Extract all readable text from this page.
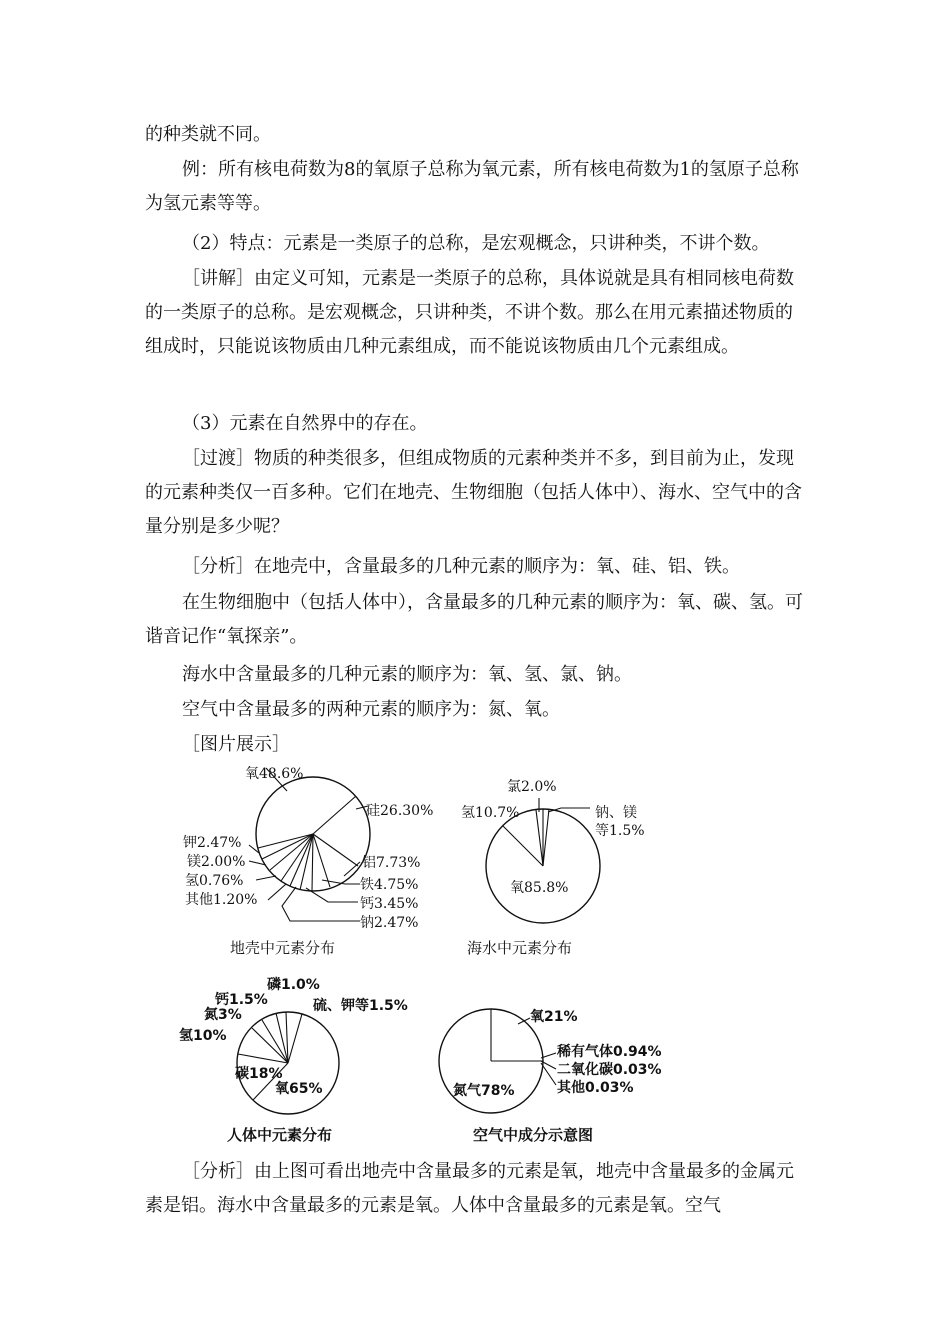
的种类就不同。

例：所有核电荷数为8的氧原子总称为氧元素，所有核电荷数为1的氢原子总称为氢元素等等。

（2）特点：元素是一类原子的总称，是宏观概念，只讲种类，不讲个数。

［讲解］由定义可知，元素是一类原子的总称，具体说就是具有相同核电荷数的一类原子的总称。是宏观概念，只讲种类，不讲个数。那么在用元素描述物质的组成时，只能说该物质由几种元素组成，而不能说该物质由几个元素组成。

（3）元素在自然界中的存在。

［过渡］物质的种类很多，但组成物质的元素种类并不多，到目前为止，发现的元素种类仅一百多种。它们在地壳、生物细胞（包括人体中）、海水、空气中的含量分别是多少呢？

［分析］在地壳中，含量最多的几种元素的顺序为：氧、硅、铝、铁。

在生物细胞中（包括人体中），含量最多的几种元素的顺序为：氧、碳、氢。可谐音记作“氧探亲”。

海水中含量最多的几种元素的顺序为：氧、氢、氯、钠。

空气中含量最多的两种元素的顺序为：氮、氧。

［图片展示］

氧48.6%
硅26.30%
铝7.73%
铁4.75%
钙3.45%
钠2.47%
其他1.20%
氢0.76%
镁2.00%
钾2.47%
地壳中元素分布
氯2.0%
氢10.7%	钠、镁
等1.5%
氧85.8%
海水中元素分布
磷1.0%
钙1.5%
氮3%
氢10%
碳18%
氧65%
硫、钾等1.5%
人体中元素分布
氧21%
稀有气体0.94%
二氧化碳0.03%
其他0.03%
氮气78%
空气中成分示意图

［分析］由上图可看出地壳中含量最多的元素是氧，地壳中含量最多的金属元素是铝。海水中含量最多的元素是氧。人体中含量最多的元素是氧。空气
